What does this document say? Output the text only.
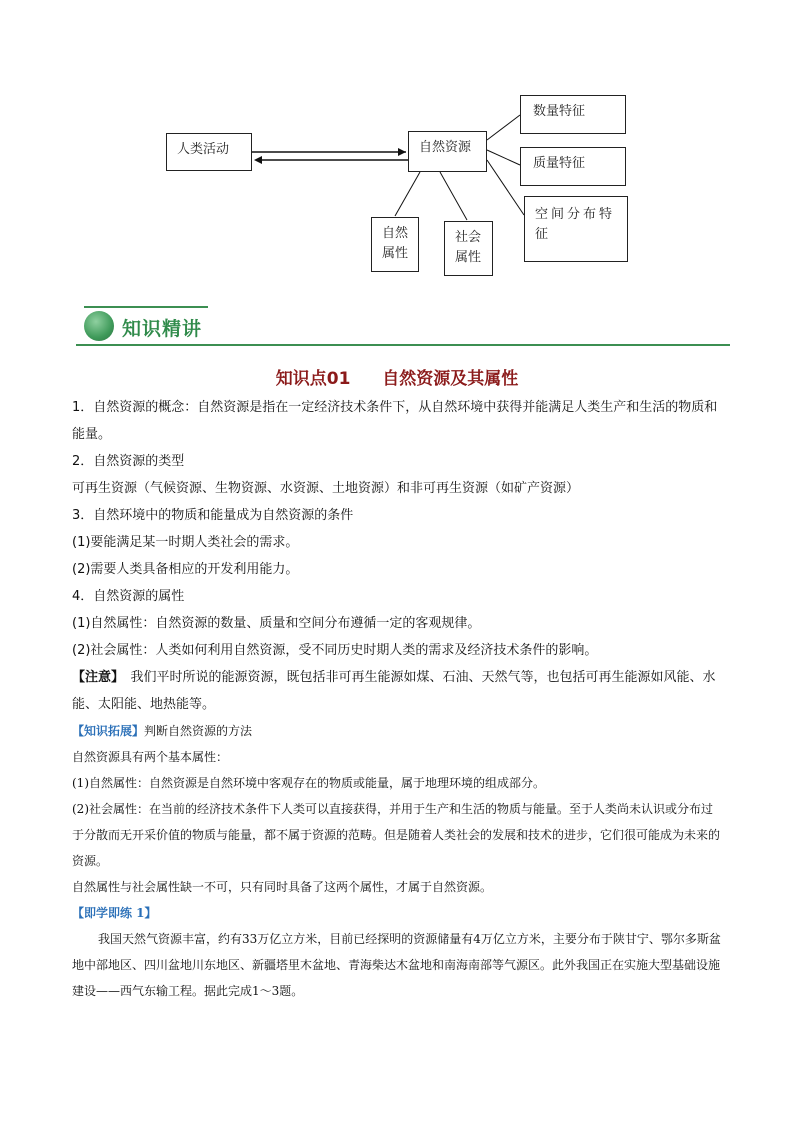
人类活动	自然资源
自然
属性
社会
属性
数量特征
质量特征
空间分布特
征
知识精讲
知识点01 自然资源及其属性

1．自然资源的概念：自然资源是指在一定经济技术条件下，从自然环境中获得并能满足人类生产和生活的物质和能量。

2．自然资源的类型

可再生资源（气候资源、生物资源、水资源、土地资源）和非可再生资源（如矿产资源）

3．自然环境中的物质和能量成为自然资源的条件

(1)要能满足某一时期人类社会的需求。

(2)需要人类具备相应的开发利用能力。

4．自然资源的属性

(1)自然属性：自然资源的数量、质量和空间分布遵循一定的客观规律。

(2)社会属性：人类如何利用自然资源，受不同历史时期人类的需求及经济技术条件的影响。

【注意】　我们平时所说的能源资源，既包括非可再生能源如煤、石油、天然气等，也包括可再生能源如风能、水能、太阳能、地热能等。

【知识拓展】判断自然资源的方法

自然资源具有两个基本属性：

(1)自然属性：自然资源是自然环境中客观存在的物质或能量，属于地理环境的组成部分。

(2)社会属性：在当前的经济技术条件下人类可以直接获得，并用于生产和生活的物质与能量。至于人类尚未认识或分布过于分散而无开采价值的物质与能量，都不属于资源的范畴。但是随着人类社会的发展和技术的进步，它们很可能成为未来的资源。

自然属性与社会属性缺一不可，只有同时具备了这两个属性，才属于自然资源。

【即学即练 1】

我国天然气资源丰富，约有33万亿立方米，目前已经探明的资源储量有4万亿立方米，主要分布于陕甘宁、鄂尔多斯盆地中部地区、四川盆地川东地区、新疆塔里木盆地、青海柴达木盆地和南海南部等气源区。此外我国正在实施大型基础设施建设——西气东输工程。据此完成1～3题。
